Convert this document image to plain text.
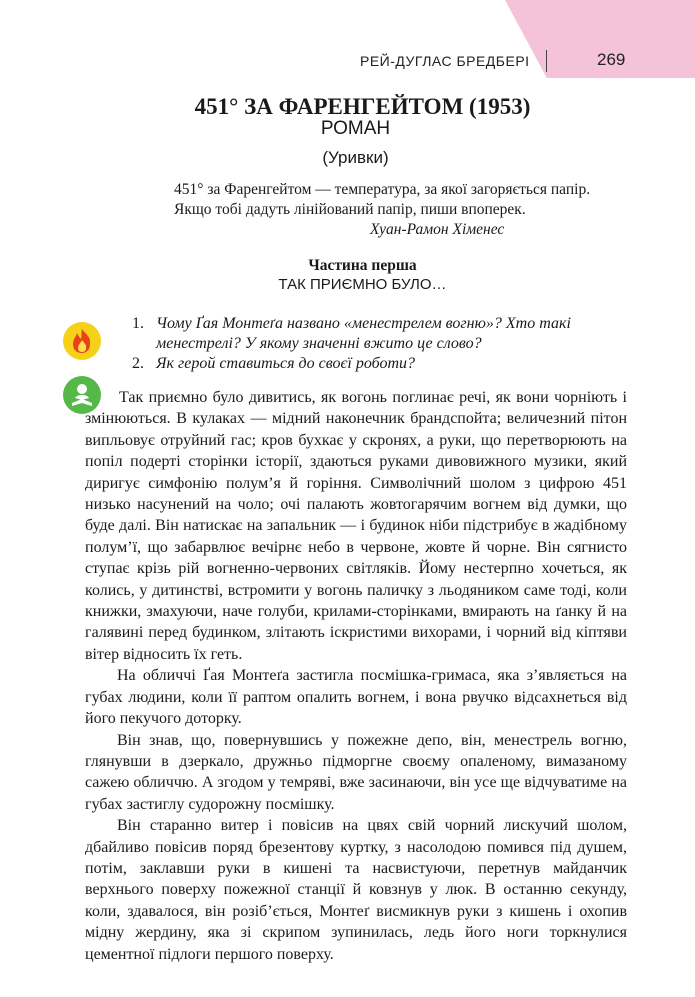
РЕЙ-ДУГЛАС БРЕДБЕРІ	269
451° ЗА ФАРЕНГЕЙТОМ (1953)
РОМАН
(Уривки)
451° за Фаренгейтом — температура, за якої загоряється папір.
Якщо тобі дадуть лінійований папір, пиши впоперек.
Хуан-Рамон Хіменес
Частина перша
ТАК ПРИЄМНО БУЛО…
1. Чому Ґая Монтеґа названо «менестрелем вогню»? Хто такі менестрелі? У якому значенні вжито це слово?
2. Як герой ставиться до своєї роботи?

Так приємно було дивитись, як вогонь поглинає речі, як вони чорніють і змінюються. В кулаках — мідний наконечник брандспойта; величезний пітон випльовує отруйний гас; кров бухкає у скронях, а руки, що перетворюють на попіл подерті сторінки історії, здаються руками дивовижного музики, який диригує симфонію полум’я й горіння. Символічний шолом з цифрою 451 низько насунений на чоло; очі палають жовтогарячим вогнем від думки, що буде далі. Він натискає на запальник — і будинок ніби підстрибує в жадібному полум’ї, що забарвлює вечірнє небо в червоне, жовте й чорне. Він сягнисто ступає крізь рій вогненно-червоних світляків. Йому нестерпно хочеться, як колись, у дитинстві, встромити у вогонь паличку з льодяником саме тоді, коли книжки, змахуючи, наче голуби, крилами-сторінками, вмирають на ґанку й на галявині перед будинком, злітають іскристими вихорами, і чорний від кіптяви вітер відносить їх геть.

На обличчі Ґая Монтеґа застигла посмішка-гримаса, яка з’являється на губах людини, коли її раптом опалить вогнем, і вона рвучко відсахнеться від його пекучого доторку.

Він знав, що, повернувшись у пожежне депо, він, менестрель вогню, глянувши в дзеркало, дружньо підморгне своєму опаленому, вимазаному сажею обличчю. А згодом у темряві, вже засинаючи, він усе ще відчуватиме на губах застиглу судорожну посмішку.

Він старанно витер і повісив на цвях свій чорний лискучий шолом, дбайливо повісив поряд брезентову куртку, з насолодою помився під душем, потім, заклавши руки в кишені та насвистуючи, перетнув майданчик верхнього поверху пожежної станції й ковзнув у люк. В останню секунду, коли, здавалося, він розіб’ється, Монтеґ висмикнув руки з кишень і охопив мідну жердину, яка зі скрипом зупинилась, ледь його ноги торкнулися цементної підлоги першого поверху.
